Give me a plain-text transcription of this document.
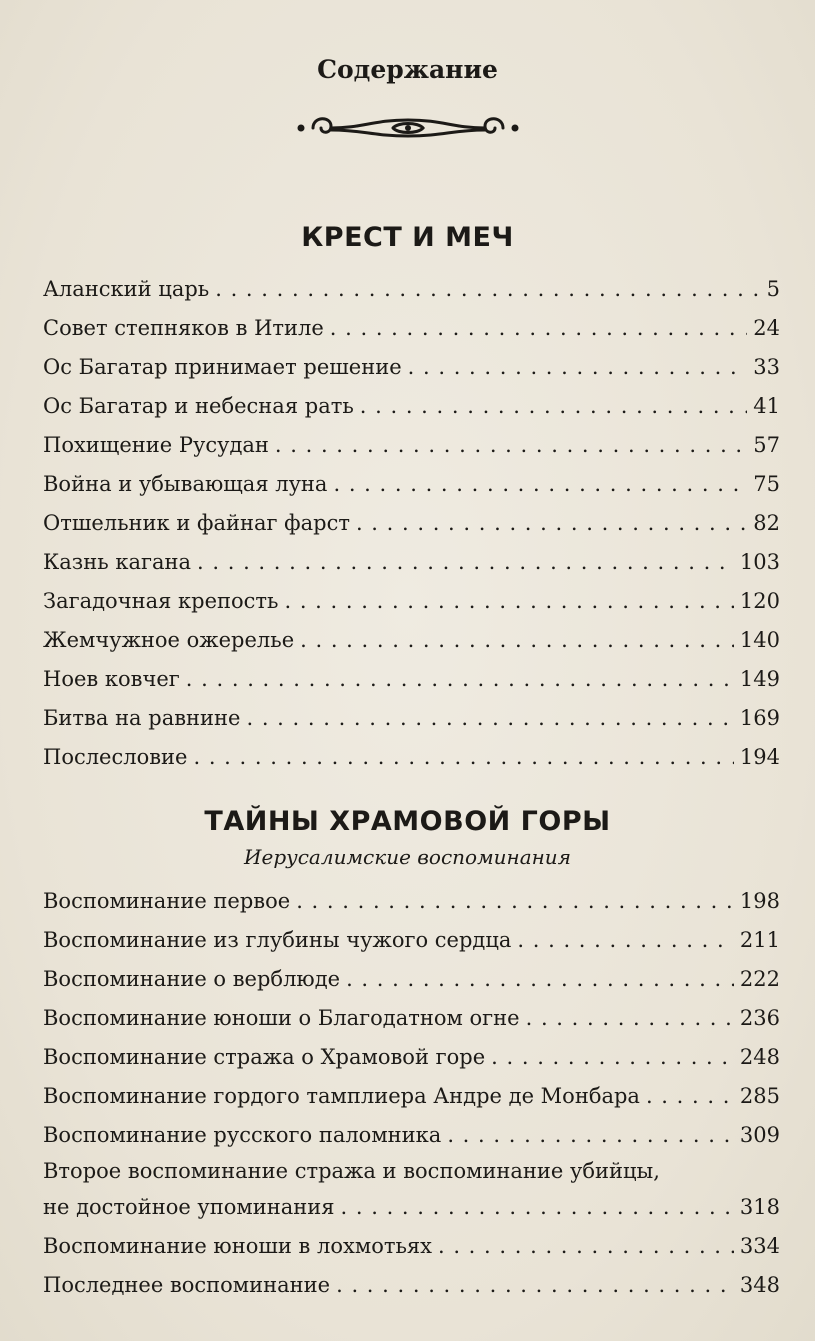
Содержание
КРЕСТ И МЕЧ
Аланский царь . . .	5
Совет степняков в Итиле . . .	24
Ос Багатар принимает решение . . .	33
Ос Багатар и небесная рать . . .	41
Похищение Русудан . . .	57
Война и убывающая луна . . .	75
Отшельник и файнаг фарст . . .	82
Казнь кагана . . .	103
Загадочная крепость . . .	120
Жемчужное ожерелье . . .	140
Ноев ковчег . . .	149
Битва на равнине . . .	169
Послесловие . . .	194
ТАЙНЫ ХРАМОВОЙ ГОРЫ
Иерусалимские воспоминания
Воспоминание первое . . .	198
Воспоминание из глубины чужого сердца . . .	211
Воспоминание о верблюде . . .	222
Воспоминание юноши о Благодатном огне . . .	236
Воспоминание стража о Храмовой горе . . .	248
Воспоминание гордого тамплиера Андре де Монбара . . .	285
Воспоминание русского паломника . . .	309
Второе воспоминание стража и воспоминание убийцы,
не достойное упоминания . . .	318
Воспоминание юноши в лохмотьях . . .	334
Последнее воспоминание . . .	348
